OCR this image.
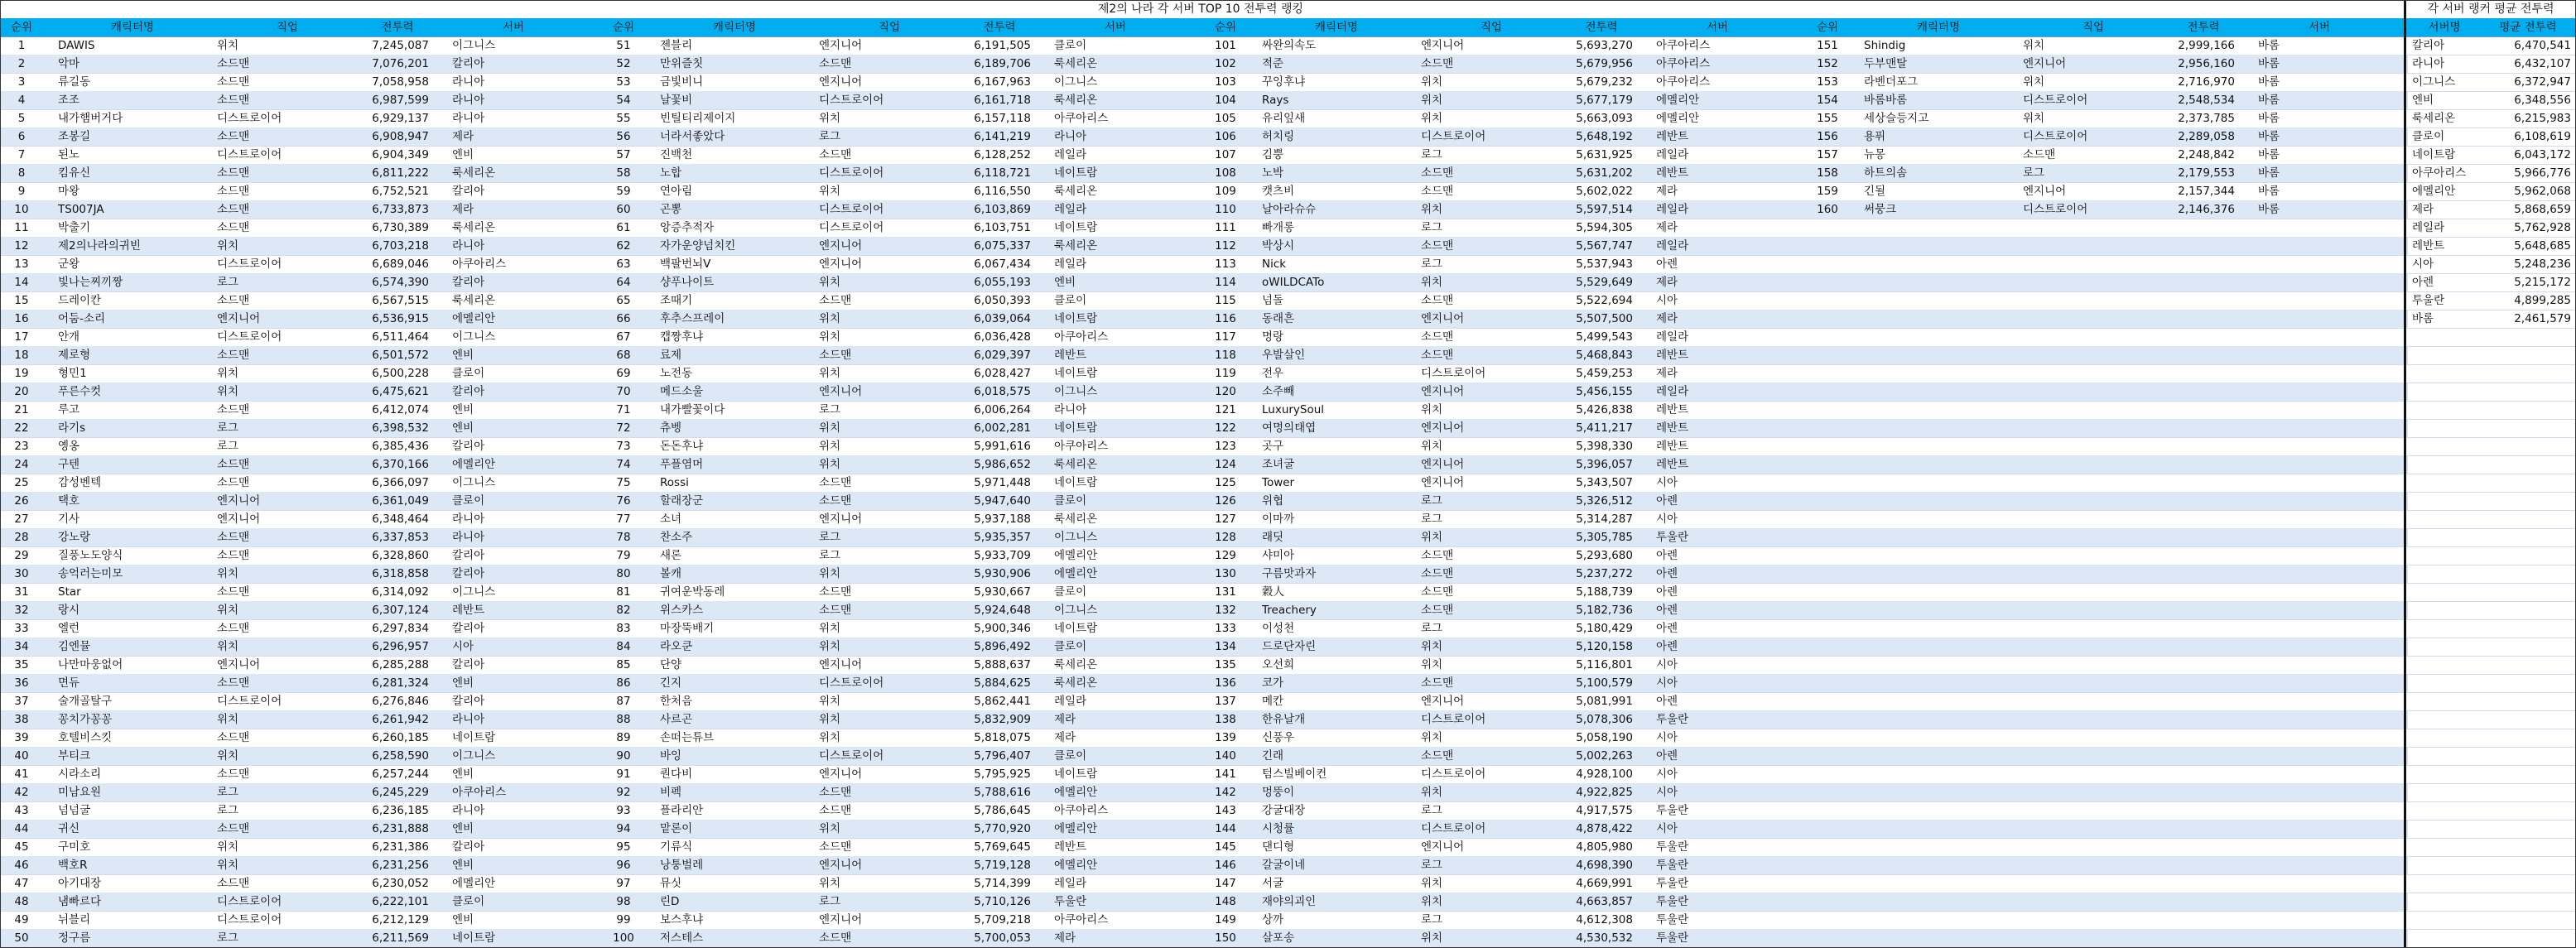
제2의 나라 각 서버 TOP 10 전투력 랭킹	각 서버 랭커 평균 전투력
순위	캐릭터명	직업	전투력	서버
1	DAWIS	위치	7,245,087 이그니스
2	악마	소드맨	7,076,201 칼리아
3	류길동	소드맨	7,058,958 라니아
4	조조	소드맨	6,987,599 라니아
5	내가햄버거다	디스트로이어	6,929,137 라니아
6	조봉길	소드맨	6,908,947 제라
7	된노	디스트로이어	6,904,349 엔비
8	킴유신	소드맨	6,811,222 룩세리온
9	마왕	소드맨	6,752,521 칼리아
10	TS007JA	소드맨	6,733,873 제라
11	박출기	소드맨	6,730,389 룩세리온
12	제2의나라의귀빈	위치	6,703,218 라니아
13	군왕	디스트로이어	6,689,046 아쿠아리스
14	빛나는찌끼짱	로그	6,574,390 칼리아
15	드레이칸	소드맨	6,567,515 룩세리온
16	어둠-소리	엔지니어	6,536,915 에멜리안
17	안개	디스트로이어	6,511,464 이그니스
18	제로형	소드맨	6,501,572 엔비
19	형민1	위치	6,500,228 클로이
20	푸른수컷	위치	6,475,621 칼리아
21	루고	소드맨	6,412,074 엔비
22	라기s	로그	6,398,532 엔비
23	옝옹	로그	6,385,436 칼리아
24	구텐	소드맨	6,370,166 에멜리안
25	감성벤텍	소드맨	6,366,097 이그니스
26	택호	엔지니어	6,361,049 클로이
27	기사	엔지니어	6,348,464 라니아
28	강노랑	소드맨	6,337,853 라니아
29	질풍노도양식	소드맨	6,328,860 칼리아
30	송억러는미모	위치	6,318,858 칼리아
31	Star	소드맨	6,314,092 이그니스
32	랑시	위치	6,307,124 레반트
33	엘런	소드맨	6,297,834 칼리아
34	김엔뮬	위치	6,296,957 시아
35	나만마웅없어	엔지니어	6,285,288 칼리아
36	면듀	소드맨	6,281,324 엔비
37	술개골탈구	디스트로이어	6,276,846 칼리아
38	꽁치가꽁꽁	위치	6,261,942 라니아
39	호텔비스킷	소드맨	6,260,185 네이트람
40	부티크	위치	6,258,590 이그니스
41	시라소리	소드맨	6,257,244 엔비
42	미남요원	로그	6,245,229 아쿠아리스
43	넘넘굴	로그	6,236,185 라니아
44	귀신	소드맨	6,231,888 엔비
45	구미호	위치	6,231,386 칼리아
46	백호R	위치	6,231,256 엔비
47	아기대장	소드맨	6,230,052 에멜리안
48	냄빠르다	디스트로이어	6,222,101 클로이
49	뉘블리	디스트로이어	6,212,129 엔비
50	정구름	로그	6,211,569 네이트람
순위	캐릭터명	직업	전투력	서버
51	젠블리	엔지니어	6,191,505 클로이
52	만위즐칫	소드맨	6,189,706 룩세리온
53	금빛비니	엔지니어	6,167,963 이그니스
54	날꽃비	디스트로이어	6,161,718 룩세리온
55	빈틸티리제이지	위치	6,157,118 아쿠아리스
56	너라서좋았다	로그	6,141,219 라니아
57	진백천	소드맨	6,128,252 레일라
58	노합	디스트로이어	6,118,721 네이트람
59	연아림	위치	6,116,550 룩세리온
60	곤뽕	디스트로이어	6,103,869 레일라
61	앙증추적자	디스트로이어	6,103,751 네이트람
62	자가운양넘치킨	엔지니어	6,075,337 룩세리온
63	백팔번뇌V	엔지니어	6,067,434 레일라
64	샹푸나이트	위치	6,055,193 엔비
65	조때기	소드맨	6,050,393 클로이
66	후추스프레이	위치	6,039,064 네이트람
67	캡짱후냐	위치	6,036,428 아쿠아리스
68	료제	소드맨	6,029,397 레반트
69	노전동	위치	6,028,427 네이트람
70	메드소울	엔지니어	6,018,575 이그니스
71	내가빨꽃이다	로그	6,006,264 라니아
72	츄벵	위치	6,002,281 네이트람
73	돈돈후냐	위치	5,991,616 아쿠아리스
74	푸플염머	위치	5,986,652 룩세리온
75	Rossi	소드맨	5,971,448 네이트람
76	할래장군	소드맨	5,947,640 클로이
77	소녀	엔지니어	5,937,188 룩세리온
78	찬소주	로그	5,935,357 이그니스
79	새론	로그	5,933,709 에멜리안
80	볼캐	위치	5,930,906 에멜리안
81	귀여운박동레	소드맨	5,930,667 클로이
82	위스카스	소드맨	5,924,648 이그니스
83	마장뚝배기	위치	5,900,346 네이트람
84	라오쿤	위치	5,896,492 클로이
85	단양	엔지니어	5,888,637 룩세리온
86	긴지	디스트로이어	5,884,625 룩세리온
87	한처음	위치	5,862,441 레일라
88	사르곤	위치	5,832,909 제라
89	손떠는튜브	위치	5,818,075 제라
90	바잉	디스트로이어	5,796,407 클로이
91	퀀다비	엔지니어	5,795,925 네이트람
92	비펙	소드맨	5,788,616 에멜리안
93	플라리안	소드맨	5,786,645 아쿠아리스
94	맡론이	위치	5,770,920 에멜리안
95	기류식	소드맨	5,769,645 레반트
96	낭퉁벌레	엔지니어	5,719,128 에멜리안
97	뮤싯	위치	5,714,399 레일라
98	린D	로그	5,710,126 투울란
99	보스후냐	엔지니어	5,709,218 아쿠아리스
100	저스테스	소드맨	5,700,053 제라
순위	캐릭터명	직업	전투력	서버
101	싸완의속도	엔지니어	5,693,270 아쿠아리스
102	적준	소드맨	5,679,956 아쿠아리스
103	꾸잉후냐	위치	5,679,232 아쿠아리스
104	Rays	위치	5,677,179 에멜리안
105	유리잎새	위치	5,663,093 에멜리안
106	허치링	디스트로이어	5,648,192 레반트
107	김뿡	로그	5,631,925 레일라
108	노박	소드맨	5,631,202 레반트
109	캣츠비	소드맨	5,602,022 제라
110	날아라슈슈	위치	5,597,514 레일라
111	빠개롱	로그	5,594,305 제라
112	박상시	소드맨	5,567,747 레일라
113	Nick	로그	5,537,943 아렌
114	oWILDCATo	위치	5,529,649 제라
115	넘돌	소드맨	5,522,694 시아
116	동래흔	엔지니어	5,507,500 제라
117	명랑	소드맨	5,499,543 레일라
118	우발살인	소드맨	5,468,843 레반트
119	전우	디스트로이어	5,459,253 제라
120	소주빼	엔지니어	5,456,155 레일라
121	LuxurySoul	위치	5,426,838 레반트
122	여명의태엽	엔지니어	5,411,217 레반트
123	곳구	위치	5,398,330 레반트
124	조녀굴	엔지니어	5,396,057 레반트
125	Tower	엔지니어	5,343,507 시아
126	위협	로그	5,326,512 아렌
127	이마까	로그	5,314,287 시아
128	래딧	위치	5,305,785 투울란
129	샤미아	소드맨	5,293,680 아렌
130	구름맛과자	소드맨	5,237,272 아렌
131	穀人	소드맨	5,188,739 아렌
132	Treachery	소드맨	5,182,736 아렌
133	이성천	로그	5,180,429 아렌
134	드로단자린	위치	5,120,158 아렌
135	오선희	위치	5,116,801 시아
136	코가	소드맨	5,100,579 시아
137	메칸	엔지니어	5,081,991 아렌
138	한유날개	디스트로이어	5,078,306 투울란
139	신풍우	위치	5,058,190 시아
140	긴래	소드맨	5,002,263 아렌
141	텀스빌베이컨	디스트로이어	4,928,100 시아
142	멍뚱이	위치	4,922,825 시아
143	강굴대장	로그	4,917,575 투울란
144	시청률	디스트로이어	4,878,422 시아
145	댄디형	엔지니어	4,805,980 투울란
146	갈굴이네	로그	4,698,390 투울란
147	서굴	위치	4,669,991 투울란
148	재야의괴인	위치	4,663,857 투울란
149	상까	로그	4,612,308 투울란
150	살포송	위치	4,530,532 투울란
순위	캐릭터명	직업	전투력	서버
151	Shindig	위치	2,999,166 바롬
152	두부맨탈	엔지니어	2,956,160 바롬
153	라벤더포그	위치	2,716,970 바롬
154	바롬바롬	디스트로이어	2,548,534 바롬
155	세상슬등지고	위치	2,373,785 바롬
156	용퓌	디스트로이어	2,289,058 바롬
157	뉴몽	소드맨	2,248,842 바롬
158	하트의솜	로그	2,179,553 바롬
159	긴될	엔지니어	2,157,344 바롬
160	써뭉크	디스트로이어	2,146,376 바롬
서버명	평균 전투력
칼리아	6,470,541
라니아	6,432,107
이그니스	6,372,947
엔비	6,348,556
룩세리온	6,215,983
클로이	6,108,619
네이트람	6,043,172
아쿠아리스	5,966,776
에멜리안	5,962,068
제라	5,868,659
레일라	5,762,928
레반트	5,648,685
시아	5,248,236
아렌	5,215,172
투울란	4,899,285
바롬	2,461,579
